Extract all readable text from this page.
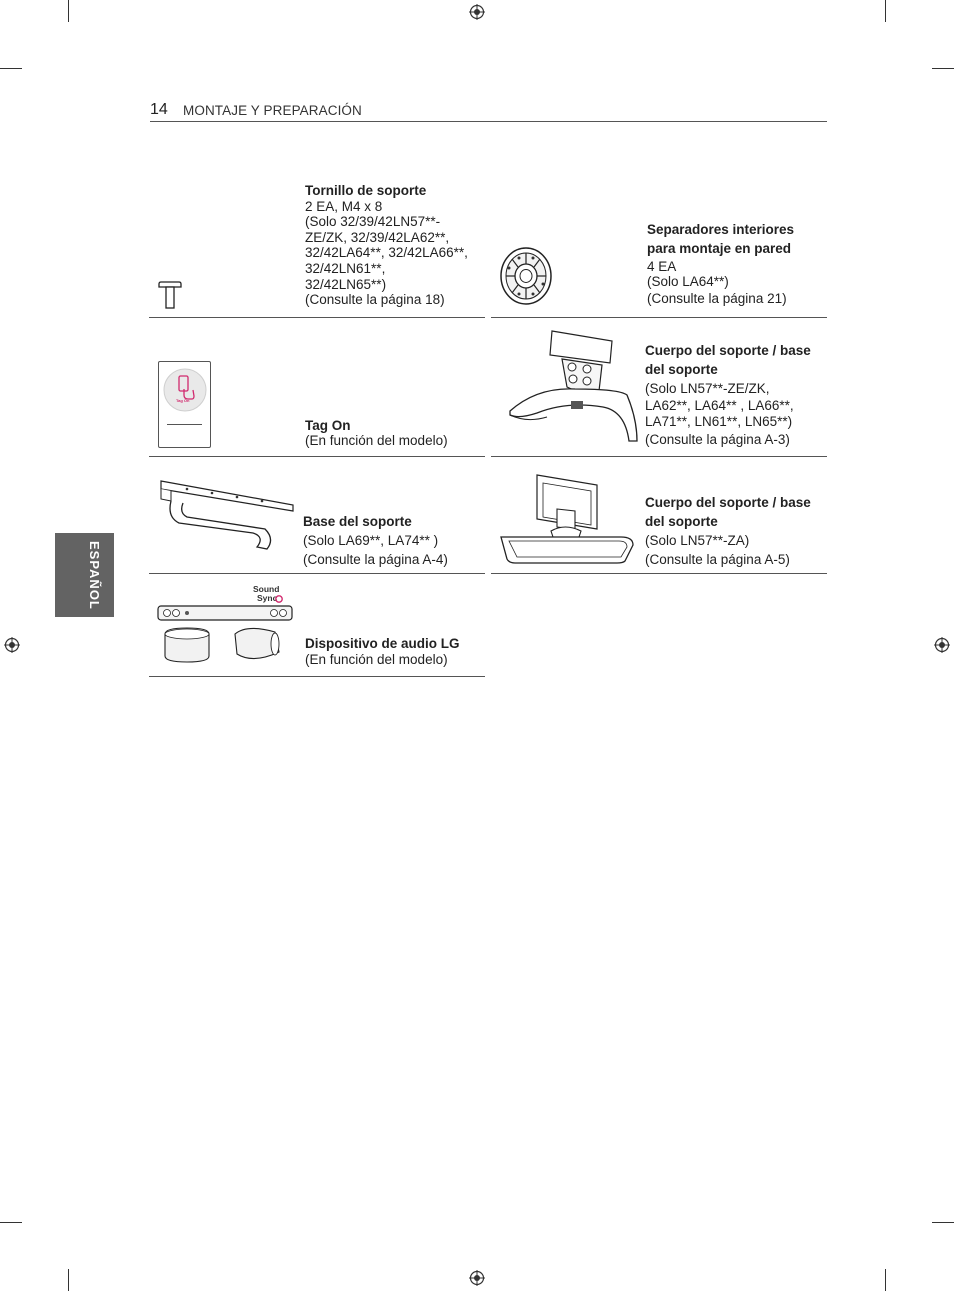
14 MONTAJE Y PREPARACIÓN
ESPAÑOL
Tornillo de soporte
2 EA, M4 x 8
(Solo 32/39/42LN57**-
ZE/ZK, 32/39/42LA62**,
32/42LA64**, 32/42LA66**,
32/42LN61**,
32/42LN65**)
(Consulte la página 18)
Separadores interiores
para montaje en pared
4 EA
(Solo LA64**)
(Consulte la página 21)
Tag On
Tag On
(En función del modelo)
Cuerpo del soporte / base
del soporte
(Solo LN57**-ZE/ZK,
LA62**, LA64** , LA66**,
LA71**, LN61**, LN65**)
(Consulte la página A-3)
Base del soporte
(Solo LA69**, LA74** )
(Consulte la página A-4)
Cuerpo del soporte / base
del soporte
(Solo LN57**-ZA)
(Consulte la página A-5)
Sound
Sync
Dispositivo de audio LG
(En función del modelo)
